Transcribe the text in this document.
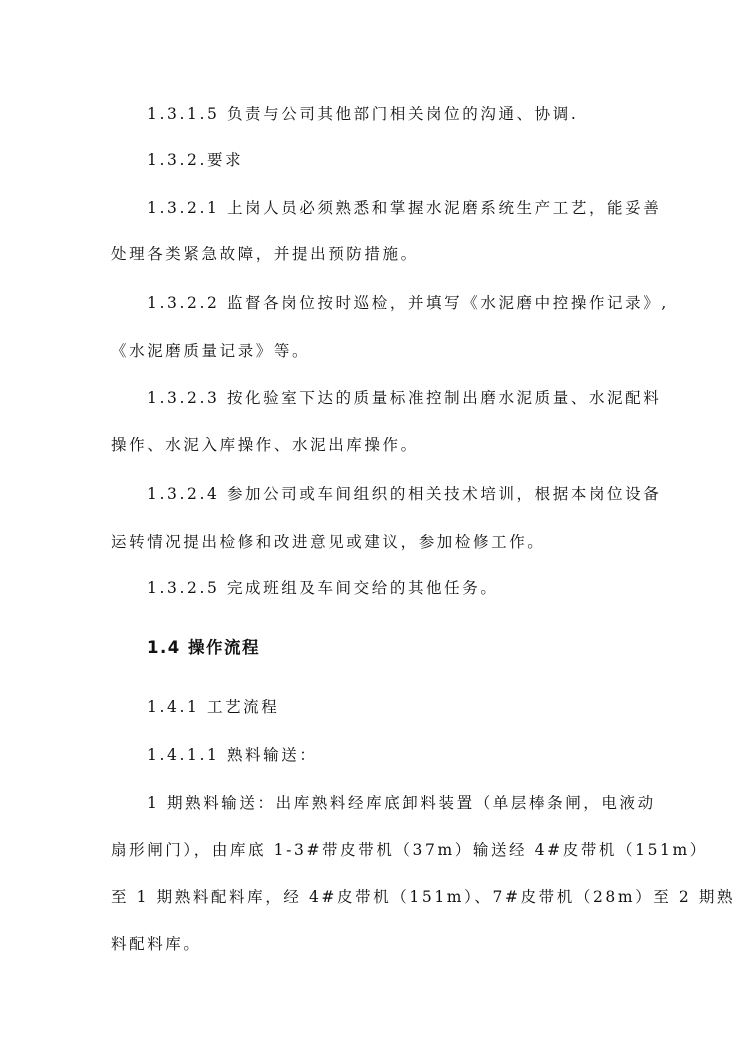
1.3.1.5 负责与公司其他部门相关岗位的沟通、协调.
1.3.2.要求
1.3.2.1 上岗人员必须熟悉和掌握水泥磨系统生产工艺，能妥善
处理各类紧急故障，并提出预防措施。
1.3.2.2 监督各岗位按时巡检，并填写《水泥磨中控操作记录》,
《水泥磨质量记录》等。
1.3.2.3 按化验室下达的质量标准控制出磨水泥质量、水泥配料
操作、水泥入库操作、水泥出库操作。
1.3.2.4 参加公司或车间组织的相关技术培训，根据本岗位设备
运转情况提出检修和改进意见或建议，参加检修工作。
1.3.2.5 完成班组及车间交给的其他任务。
1.4 操作流程
1.4.1 工艺流程
1.4.1.1 熟料输送：
1 期熟料输送：出库熟料经库底卸料装置（单层棒条闸，电液动
扇形闸门），由库底 1-3#带皮带机（37m）输送经 4#皮带机（151m）
至 1 期熟料配料库，经 4#皮带机（151m）、7#皮带机（28m）至 2 期熟
料配料库。
